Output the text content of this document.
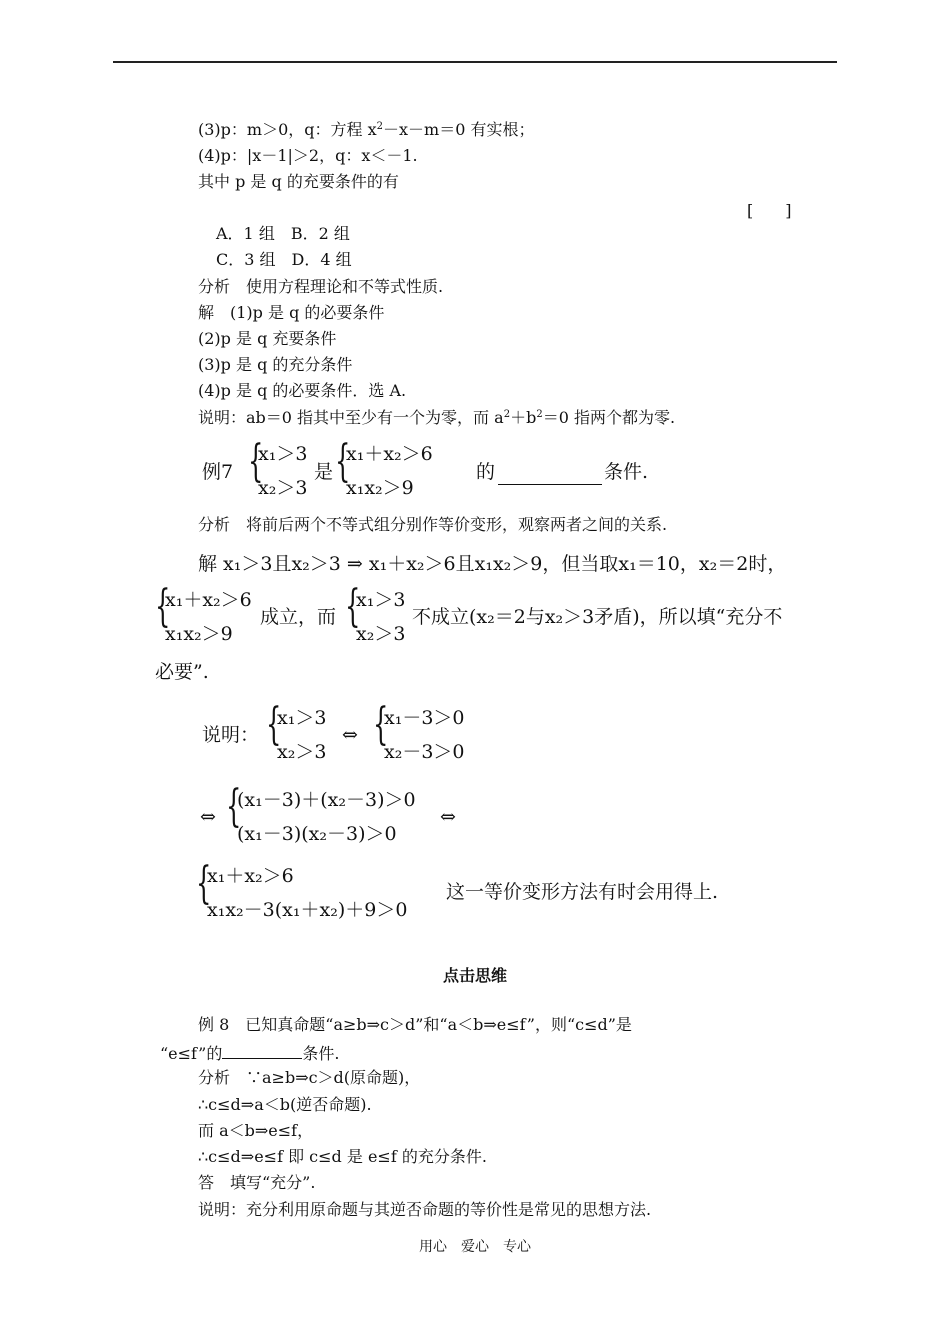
(3)p：m＞0，q：方程 $x^2-x-m=0$ 有实根；
(4)p：|x－1|＞2，q：x＜－1.
其中 p 是 q 的充要条件的有
[　　]
A．1 组　B．2 组
C．3 组　D．4 组
分析　使用方程理论和不等式性质.
解　(1)p 是 q 的必要条件
(2)p 是 q 充要条件
(3)p 是 q 的充分条件
(4)p 是 q 的必要条件．选 A.
说明：ab＝0 指其中至少有一个为零，而 $a^2+b^2=0$ 指两个都为零.
例7 {
x₁＞3
x₂＞3
是 {
x₁＋x₂＞6
x₁x₂＞9
的	条件.
分析　将前后两个不等式组分别作等价变形，观察两者之间的关系.
解 x₁＞3且x₂＞3 ⇒ x₁＋x₂＞6且x₁x₂＞9，但当取x₁＝10，x₂＝2时，
{
x₁＋x₂＞6
x₁x₂＞9
成立，而 {
x₁＞3
x₂＞3
不成立(x₂＝2与x₂＞3矛盾)，所以填“充分不
必要”.
说明： {
x₁＞3
x₂＞3
⇔ {
x₁－3＞0
x₂－3＞0
⇔ {
(x₁－3)＋(x₂－3)＞0
(x₁－3)(x₂－3)＞0
⇔
{
x₁＋x₂＞6
x₁x₂－3(x₁＋x₂)＋9＞0
这一等价变形方法有时会用得上.
点击思维
例 8　已知真命题“a≥b⇒c＞d”和“a＜b⇒e≤f”，则“c≤d”是
“e≤f”的	条件.
分析　∵a≥b⇒c＞d(原命题)，
∴c≤d⇒a＜b(逆否命题).
而 a＜b⇒e≤f，
∴c≤d⇒e≤f 即 c≤d 是 e≤f 的充分条件.
答　填写“充分”.
说明：充分利用原命题与其逆否命题的等价性是常见的思想方法.
用心　爱心　专心
